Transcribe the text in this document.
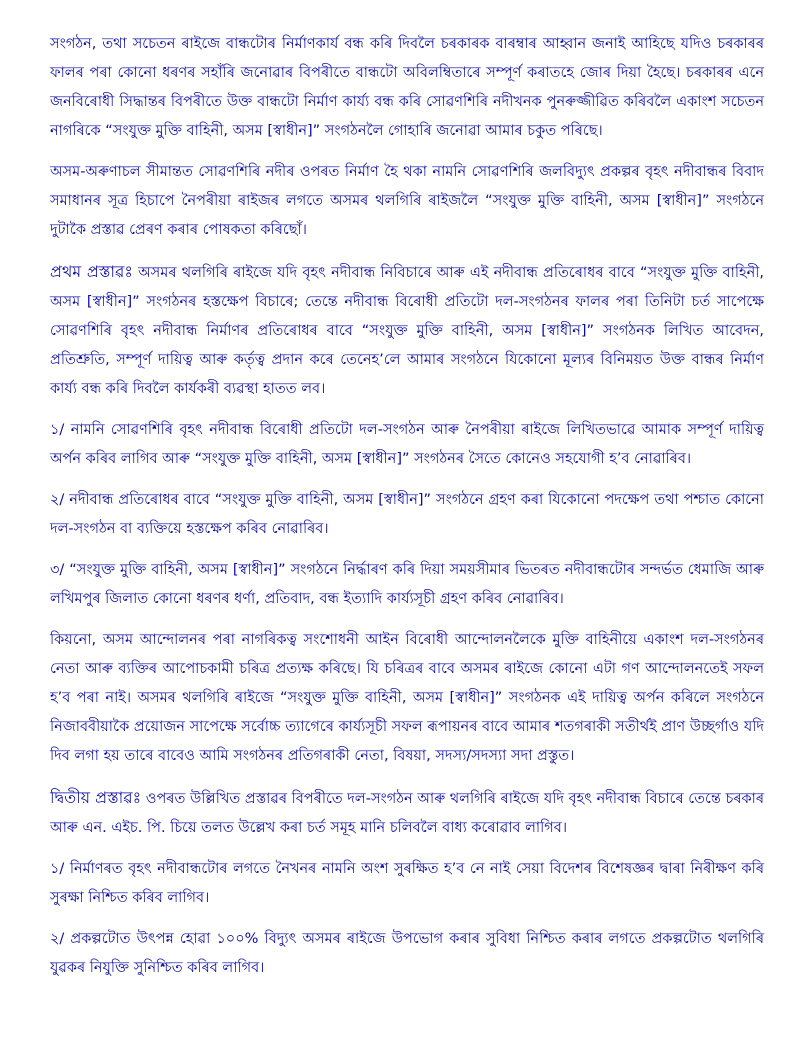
সংগঠন, তথা সচেতন ৰাইজে বান্ধটোৰ নিৰ্মাণকাৰ্য বন্ধ কৰি দিবলৈ চৰকাৰক বাৰম্বাৰ আহ্বান জনাই আহিছে যদিও চৰকাৰৰ ফালৰ পৰা কোনো ধৰণৰ সহাঁৰি জনোৱাৰ বিপৰীতে বান্ধটো অবিলম্বিতাৰে সম্পূৰ্ণ কৰাতহে জোৰ দিয়া হৈছে। চৰকাৰৰ এনে জনবিৰোধী সিদ্ধান্তৰ বিপৰীতে উক্ত বান্ধটো নিৰ্মাণ কাৰ্য্য বন্ধ কৰি সোৱণশিৰি নদীখনক পুনৰুজ্জীৱিত কৰিবলৈ একাংশ সচেতন নাগৰিকে “সংযুক্ত মুক্তি বাহিনী, অসম [স্বাধীন]” সংগঠনলৈ গোহাৰি জনোৱা আমাৰ চকুত পৰিছে।

অসম-অৰুণাচল সীমান্তত সোৱণশিৰি নদীৰ ওপৰত নিৰ্মাণ হৈ থকা নামনি সোৱণশিৰি জলবিদ্যুৎ প্ৰকল্পৰ বৃহৎ নদীবান্ধৰ বিবাদ সমাধানৰ সূত্ৰ হিচাপে নৈপৰীয়া ৰাইজৰ লগতে অসমৰ থলগিৰি ৰাইজলৈ “সংযুক্ত মুক্তি বাহিনী, অসম [স্বাধীন]” সংগঠনে দুটাকৈ প্ৰস্তাৱ প্ৰেৰণ কৰাৰ পোষকতা কৰিছোঁ।

প্ৰথম প্ৰস্তাৱঃ অসমৰ থলগিৰি ৰাইজে যদি বৃহৎ নদীবান্ধ নিবিচাৰে আৰু এই নদীবান্ধ প্ৰতিৰোধৰ বাবে “সংযুক্ত মুক্তি বাহিনী, অসম [স্বাধীন]” সংগঠনৰ হস্তক্ষেপ বিচাৰে; তেন্তে নদীবান্ধ বিৰোধী প্ৰতিটো দল-সংগঠনৰ ফালৰ পৰা তিনিটা চৰ্ত সাপেক্ষে সোৱণশিৰি বৃহৎ নদীবান্ধ নিৰ্মাণৰ প্ৰতিৰোধৰ বাবে “সংযুক্ত মুক্তি বাহিনী, অসম [স্বাধীন]” সংগঠনক লিখিত আবেদন, প্ৰতিশ্ৰুতি, সম্পূৰ্ণ দায়িত্ব আৰু কৰ্তৃত্ব প্ৰদান কৰে তেনেহ’লে আমাৰ সংগঠনে যিকোনো মূল্যৰ বিনিময়ত উক্ত বান্ধৰ নিৰ্মাণ কাৰ্য্য বন্ধ কৰি দিবলৈ কাৰ্যকৰী ব্যৱস্থা হাতত লব।

১/ নামনি সোৱণশিৰি বৃহৎ নদীবান্ধ বিৰোধী প্ৰতিটো দল-সংগঠন আৰু নৈপৰীয়া ৰাইজে লিখিতভাৱে আমাক সম্পূৰ্ণ দায়িত্ব অৰ্পন কৰিব লাগিব আৰু “সংযুক্ত মুক্তি বাহিনী, অসম [স্বাধীন]” সংগঠনৰ সৈতে কোনেও সহযোগী হ’ব নোৱাৰিব।

২/ নদীবান্ধ প্ৰতিৰোধৰ বাবে “সংযুক্ত মুক্তি বাহিনী, অসম [স্বাধীন]” সংগঠনে গ্ৰহণ কৰা যিকোনো পদক্ষেপ তথা পশ্চাত কোনো দল-সংগঠন বা ব্যক্তিয়ে হস্তক্ষেপ কৰিব নোৱাৰিব।

৩/ “সংযুক্ত মুক্তি বাহিনী, অসম [স্বাধীন]” সংগঠনে নিৰ্দ্ধাৰণ কৰি দিয়া সময়সীমাৰ ভিতৰত নদীবান্ধটোৰ সন্দৰ্ভত ধেমাজি আৰু লখিমপুৰ জিলাত কোনো ধৰণৰ ধৰ্ণা, প্ৰতিবাদ, বন্ধ ইত্যাদি কাৰ্য্যসূচী গ্ৰহণ কৰিব নোৱাৰিব।

কিয়নো, অসম আন্দোলনৰ পৰা নাগৰিকত্ব সংশোধনী আইন বিৰোধী আন্দোলনলৈকে মুক্তি বাহিনীয়ে একাংশ দল-সংগঠনৰ নেতা আৰু ব্যক্তিৰ আপোচকামী চৰিত্ৰ প্ৰত্যক্ষ কৰিছে। যি চৰিত্ৰৰ বাবে অসমৰ ৰাইজে কোনো এটা গণ আন্দোলনতেই সফল হ’ব পৰা নাই। অসমৰ থলগিৰি ৰাইজে “সংযুক্ত মুক্তি বাহিনী, অসম [স্বাধীন]” সংগঠনক এই দায়িত্ব অৰ্পন কৰিলে সংগঠনে নিজাববীয়াকৈ প্ৰয়োজন সাপেক্ষে সৰ্বোচ্চ ত্যাগেৰে কাৰ্য্যসূচী সফল ৰূপায়নৰ বাবে আমাৰ শতগৰাকী সতীৰ্থই প্ৰাণ উচ্ছৰ্গাও যদি দিব লগা হয় তাৰে বাবেও আমি সংগঠনৰ প্ৰতিগৰাকী নেতা, বিষয়া, সদস্য/সদস্যা সদা প্ৰস্তুত।

দ্বিতীয় প্ৰস্তাৱঃ ওপৰত উল্লিখিত প্ৰস্তাৱৰ বিপৰীতে দল-সংগঠন আৰু থলগিৰি ৰাইজে যদি বৃহৎ নদীবান্ধ বিচাৰে তেন্তে চৰকাৰ আৰু এন. এইচ. পি. চিয়ে তলত উল্লেখ কৰা চৰ্ত সমূহ মানি চলিবলৈ বাধ্য কৰোৱাব লাগিব।

১/ নিৰ্মাণৰত বৃহৎ নদীবান্ধটোৰ লগতে নৈখনৰ নামনি অংশ সুৰক্ষিত হ’ব নে নাই সেয়া বিদেশৰ বিশেষজ্ঞৰ দ্বাৰা নিৰীক্ষণ কৰি সুৰক্ষা নিশ্চিত কৰিব লাগিব।

২/ প্ৰকল্পটোত উৎপন্ন হোৱা ১০০% বিদ্যুৎ অসমৰ ৰাইজে উপভোগ কৰাৰ সুবিধা নিশ্চিত কৰাৰ লগতে প্ৰকল্পটোত থলগিৰি যুৱকৰ নিযুক্তি সুনিশ্চিত কৰিব লাগিব।
